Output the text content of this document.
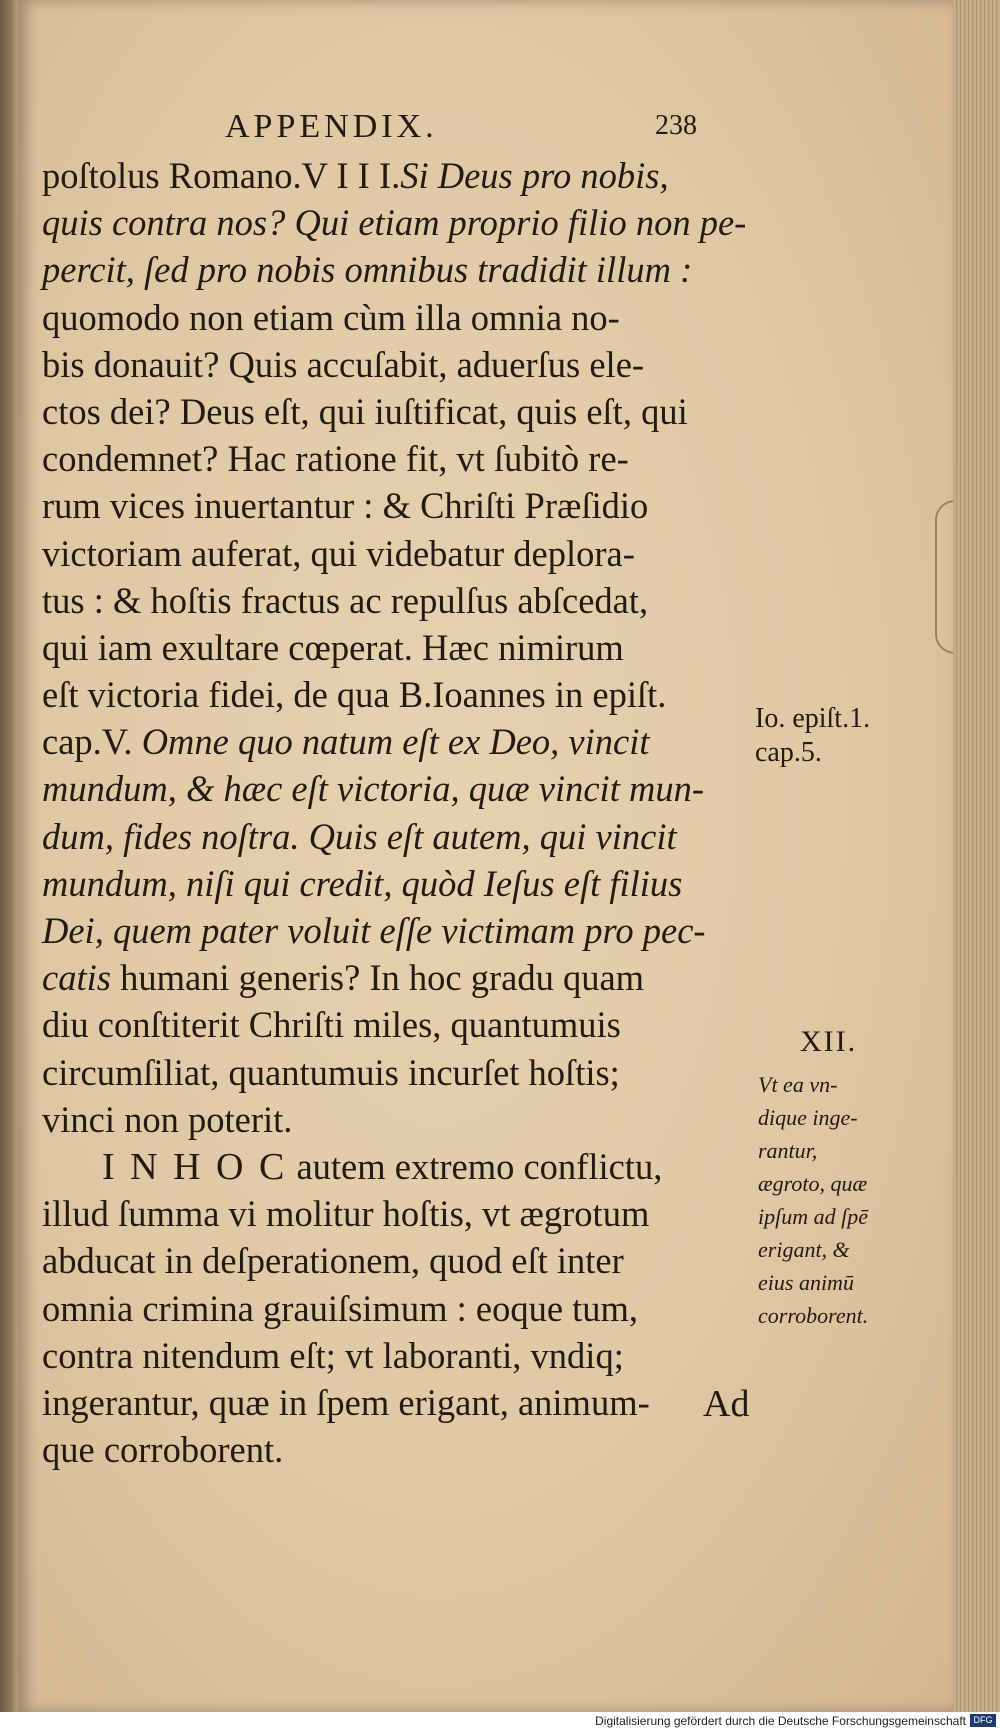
APPENDIX.	238
poſtolus Romano.V I I I.Si Deus pro nobis,
quis contra nos? Qui etiam proprio filio non pe-
percit, ſed pro nobis omnibus tradidit illum :
quomodo non etiam cùm illa omnia no-
bis donauit? Quis accuſabit, aduerſus ele-
ctos dei? Deus eſt, qui iuſtificat, quis eſt, qui
condemnet? Hac ratione fit, vt ſubitò re-
rum vices inuertantur : & Chriſti Præſidio
victoriam auferat, qui videbatur deplora-
tus : & hoſtis fractus ac repulſus abſcedat,
qui iam exultare cœperat. Hæc nimirum
eſt victoria fidei, de qua B.Ioannes in epiſt.
cap.V. Omne quo natum eſt ex Deo, vincit
mundum, & hæc eſt victoria, quæ vincit mun-
dum, fides noſtra. Quis eſt autem, qui vincit
mundum, niſi qui credit, quòd Ieſus eſt filius
Dei, quem pater voluit eſſe victimam pro pec-
catis humani generis? In hoc gradu quam
diu conſtiterit Chriſti miles, quantumuis
circumſiliat, quantumuis incurſet hoſtis;
vinci non poterit.
I N H O C autem extremo conflictu,
illud ſumma vi molitur hoſtis, vt ægrotum
abducat in deſperationem, quod eſt inter
omnia crimina grauiſsimum : eoque tum,
contra nitendum eſt; vt laboranti, vndiq;
ingerantur, quæ in ſpem erigant, animum-
que corroborent.
Io. epiſt.1.
cap.5.
XII.
Vt ea vn-
dique inge-
rantur,
ægroto, quæ
ipſum ad ſpē
erigant, &
eius animū
corroborent.
Ad
Digitalisierung gefördert durch die Deutsche Forschungsgemeinschaft DFG
